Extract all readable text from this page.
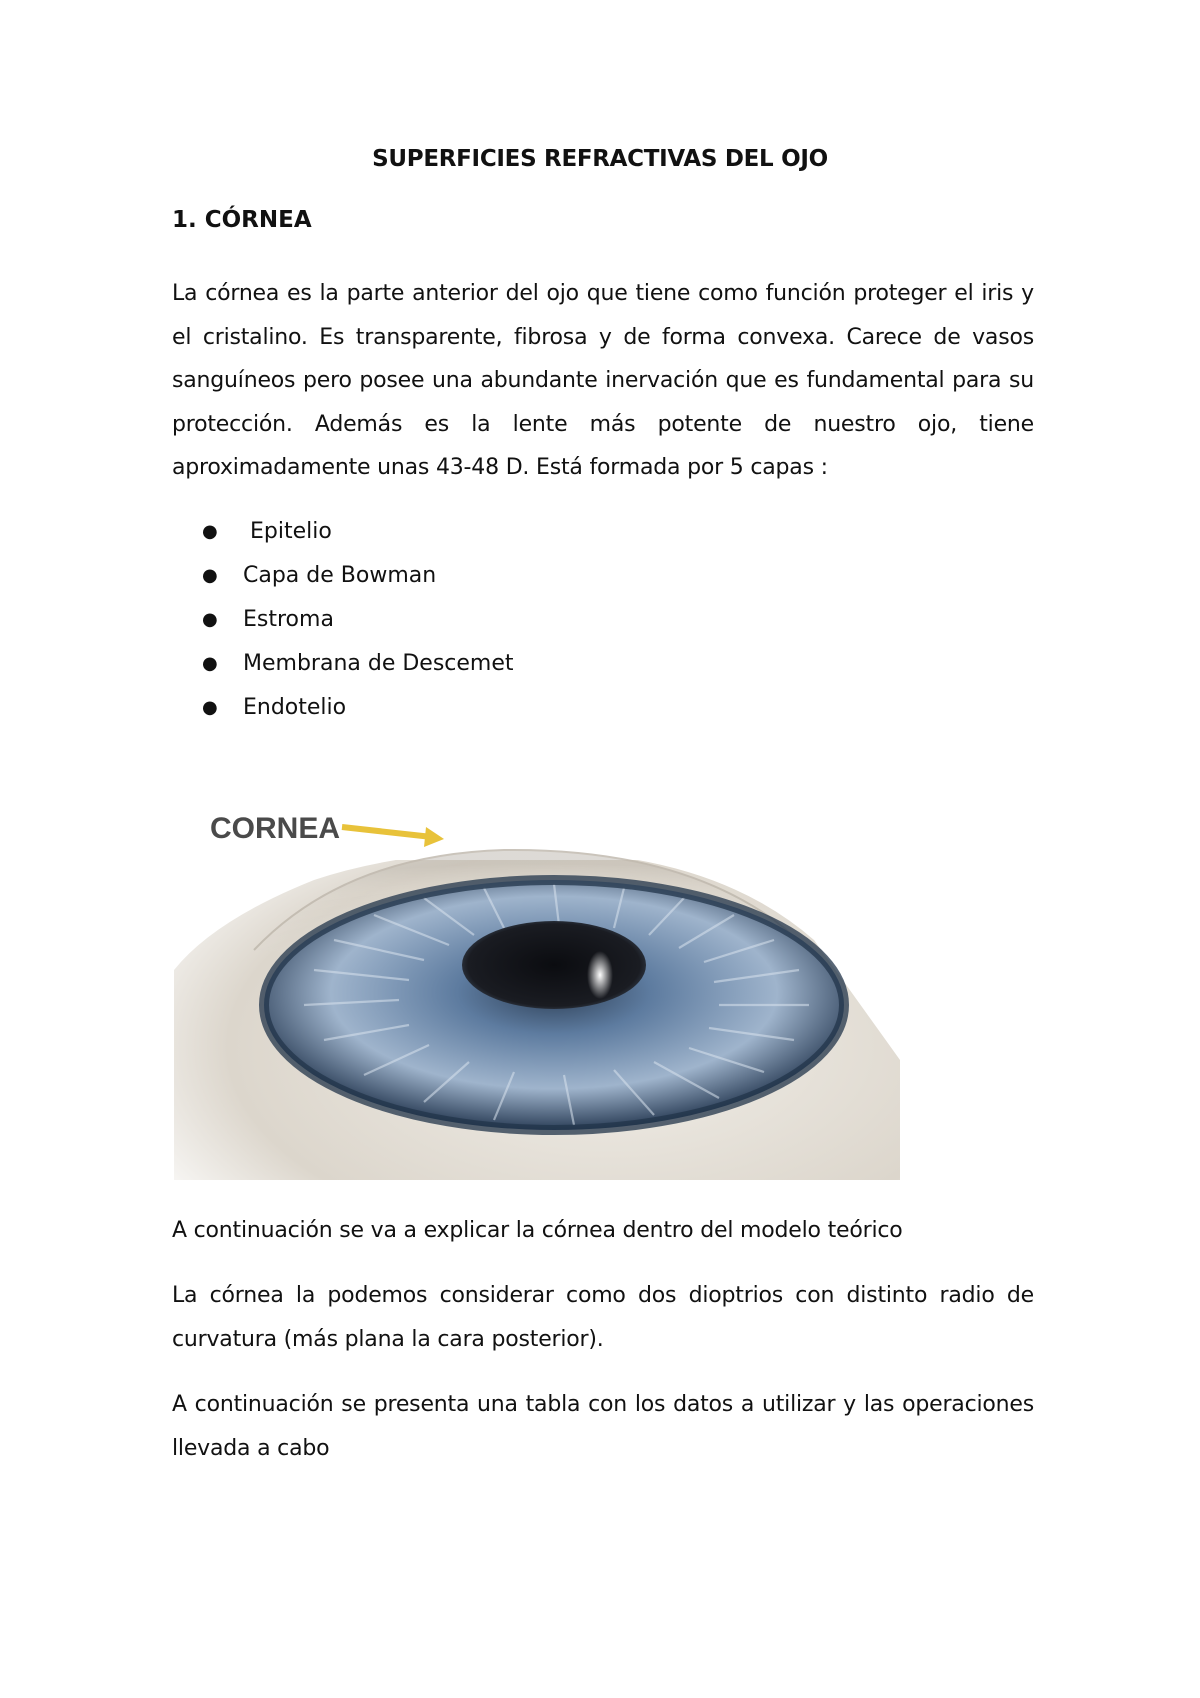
SUPERFICIES REFRACTIVAS DEL OJO
1. CÓRNEA
La córnea es la parte anterior del ojo que tiene como función proteger el iris y el cristalino. Es transparente, fibrosa y de forma convexa. Carece de vasos sanguíneos pero posee una abundante inervación que es fundamental para su protección. Además es la lente más potente de nuestro ojo, tiene aproximadamente unas 43-48 D. Está formada por 5 capas :
● Epitelio
● Capa de Bowman
● Estroma
● Membrana de Descemet
● Endotelio
CORNEA
A continuación se va a explicar la córnea dentro del modelo teórico
La córnea la podemos considerar como dos dioptrios con distinto radio de curvatura (más plana la cara posterior).
A continuación se presenta una tabla con los datos a utilizar y las operaciones llevada a cabo
